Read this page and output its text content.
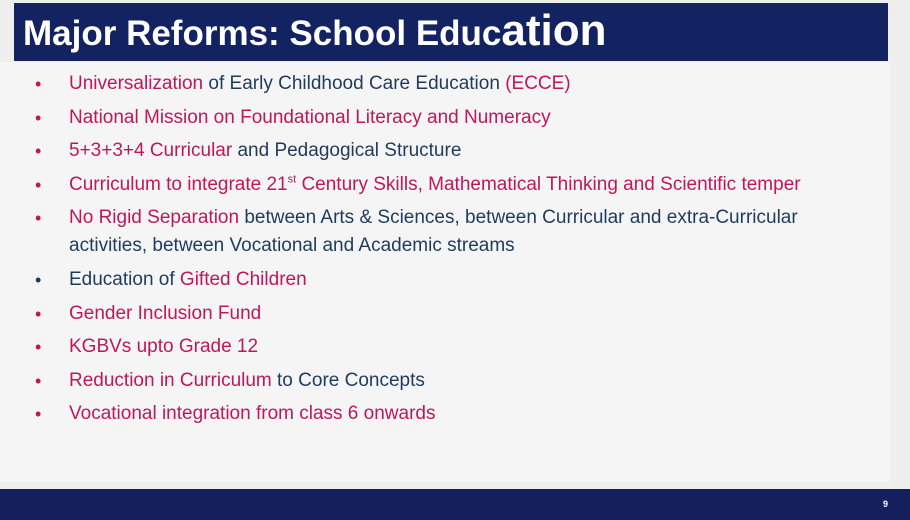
Major Reforms: School Education
• Universalization of Early Childhood Care Education (ECCE)
• National Mission on Foundational Literacy and Numeracy
• 5+3+3+4 Curricular and Pedagogical Structure
• Curriculum to integrate 21st Century Skills, Mathematical Thinking and Scientific temper
• No Rigid Separation between Arts & Sciences, between Curricular and extra-Curricular activities, between Vocational and Academic streams
• Education of Gifted Children
• Gender Inclusion Fund
• KGBVs upto Grade 12
• Reduction in Curriculum to Core Concepts
• Vocational integration from class 6 onwards
9
